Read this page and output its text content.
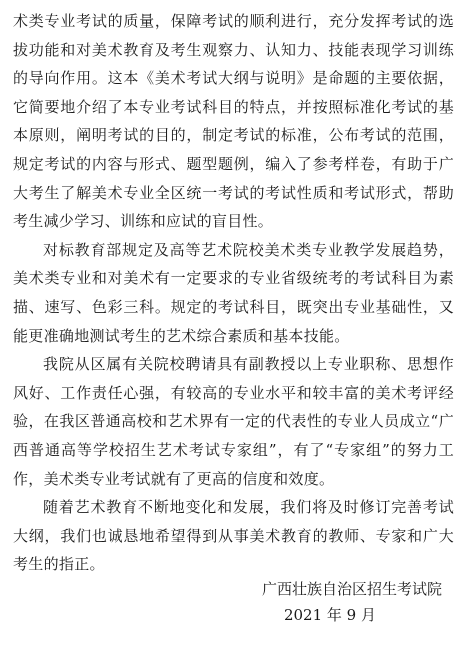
术类专业考试的质量，保障考试的顺利进行，充分发挥考试的选拔功能和对美术教育及考生观察力、认知力、技能表现学习训练的导向作用。这本《美术考试大纲与说明》是命题的主要依据，它简要地介绍了本专业考试科目的特点，并按照标准化考试的基本原则，阐明考试的目的，制定考试的标准，公布考试的范围，规定考试的内容与形式、题型题例，编入了参考样卷，有助于广大考生了解美术专业全区统一考试的考试性质和考试形式，帮助考生减少学习、训练和应试的盲目性。

对标教育部规定及高等艺术院校美术类专业教学发展趋势，美术类专业和对美术有一定要求的专业省级统考的考试科目为素描、速写、色彩三科。规定的考试科目，既突出专业基础性，又能更准确地测试考生的艺术综合素质和基本技能。

我院从区属有关院校聘请具有副教授以上专业职称、思想作风好、工作责任心强，有较高的专业水平和较丰富的美术考评经验，在我区普通高校和艺术界有一定的代表性的专业人员成立“广西普通高等学校招生艺术考试专家组”，有了“专家组”的努力工作，美术类专业考试就有了更高的信度和效度。

随着艺术教育不断地变化和发展，我们将及时修订完善考试大纲，我们也诚恳地希望得到从事美术教育的教师、专家和广大考生的指正。

广西壮族自治区招生考试院
2021 年 9 月
